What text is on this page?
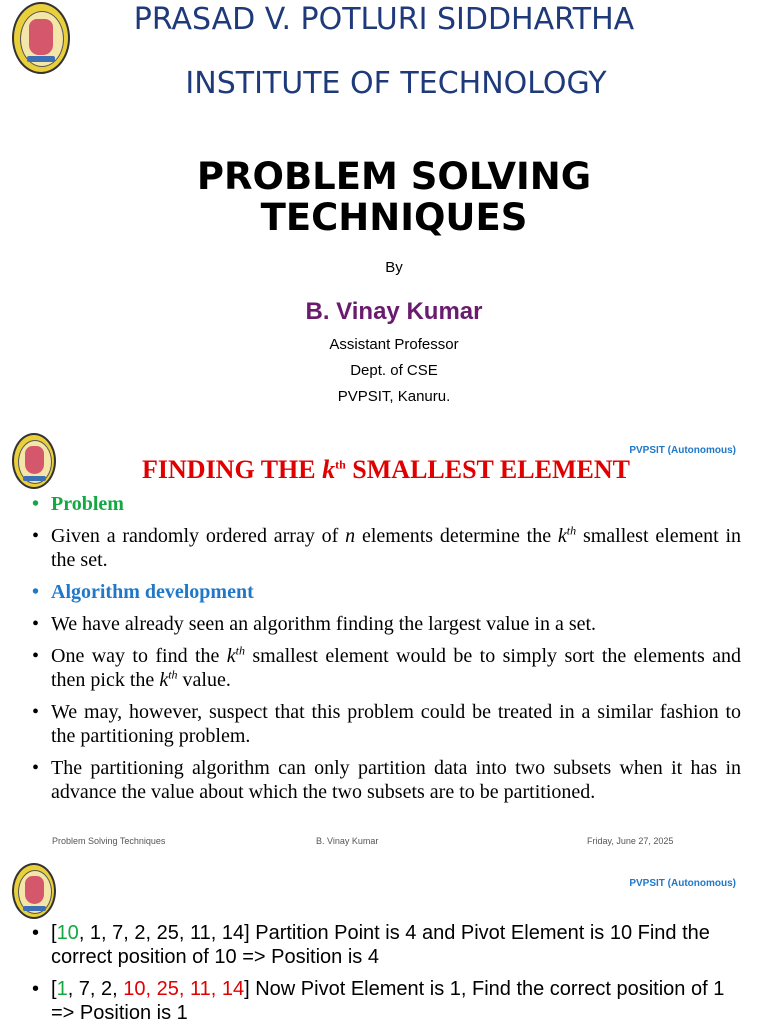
PRASAD V. POTLURI SIDDHARTHA
INSTITUTE OF TECHNOLOGY
PROBLEM SOLVING
TECHNIQUES
By
B. Vinay Kumar
Assistant Professor
Dept. of CSE
PVPSIT, Kanuru.
PVPSIT (Autonomous)
FINDING THE $k^{th}$ SMALLEST ELEMENT
• Problem
• Given a randomly ordered array of n elements determine the $k^{th}$ smallest element in the set.
• Algorithm development
• We have already seen an algorithm finding the largest value in a set.
• One way to find the $k^{th}$ smallest element would be to simply sort the elements and then pick the $k^{th}$ value.
• We may, however, suspect that this problem could be treated in a similar fashion to the partitioning problem.
• The partitioning algorithm can only partition data into two subsets when it has in advance the value about which the two subsets are to be partitioned.
Problem Solving Techniques	B. Vinay Kumar	Friday, June 27, 2025
PVPSIT (Autonomous)
• [10, 1, 7, 2, 25, 11, 14] Partition Point is 4 and Pivot Element is 10 Find the correct position of 10 => Position is 4
• [1, 7, 2, 10, 25, 11, 14] Now Pivot Element is 1, Find the correct position of 1 => Position is 1
